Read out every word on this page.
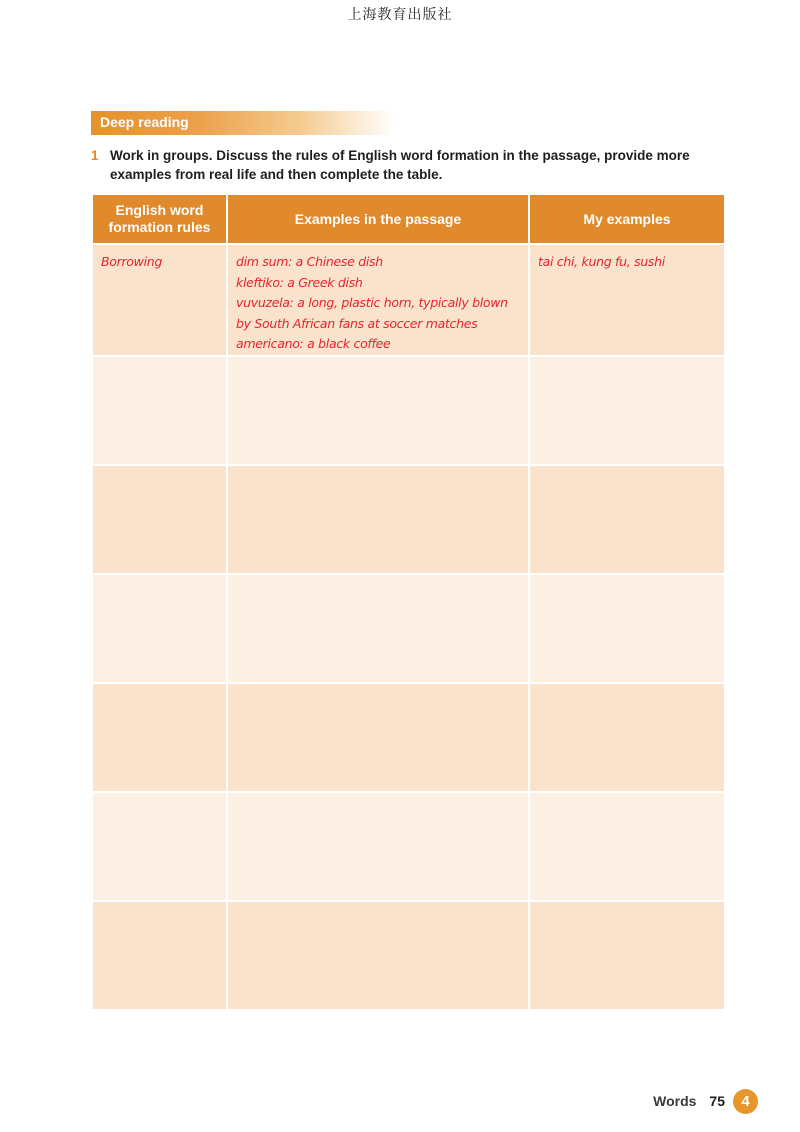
上海教育出版社
Deep reading
1 Work in groups. Discuss the rules of English word formation in the passage, provide more examples from real life and then complete the table.
English word formation rules	Examples in the passage	My examples

Borrowing	dim sum: a Chinese dish
kleftiko: a Greek dish
vuvuzela: a long, plastic horn, typically blown
by South African fans at soccer matches
americano: a black coffee	tai chi, kung fu, sushi

Words 75	4
